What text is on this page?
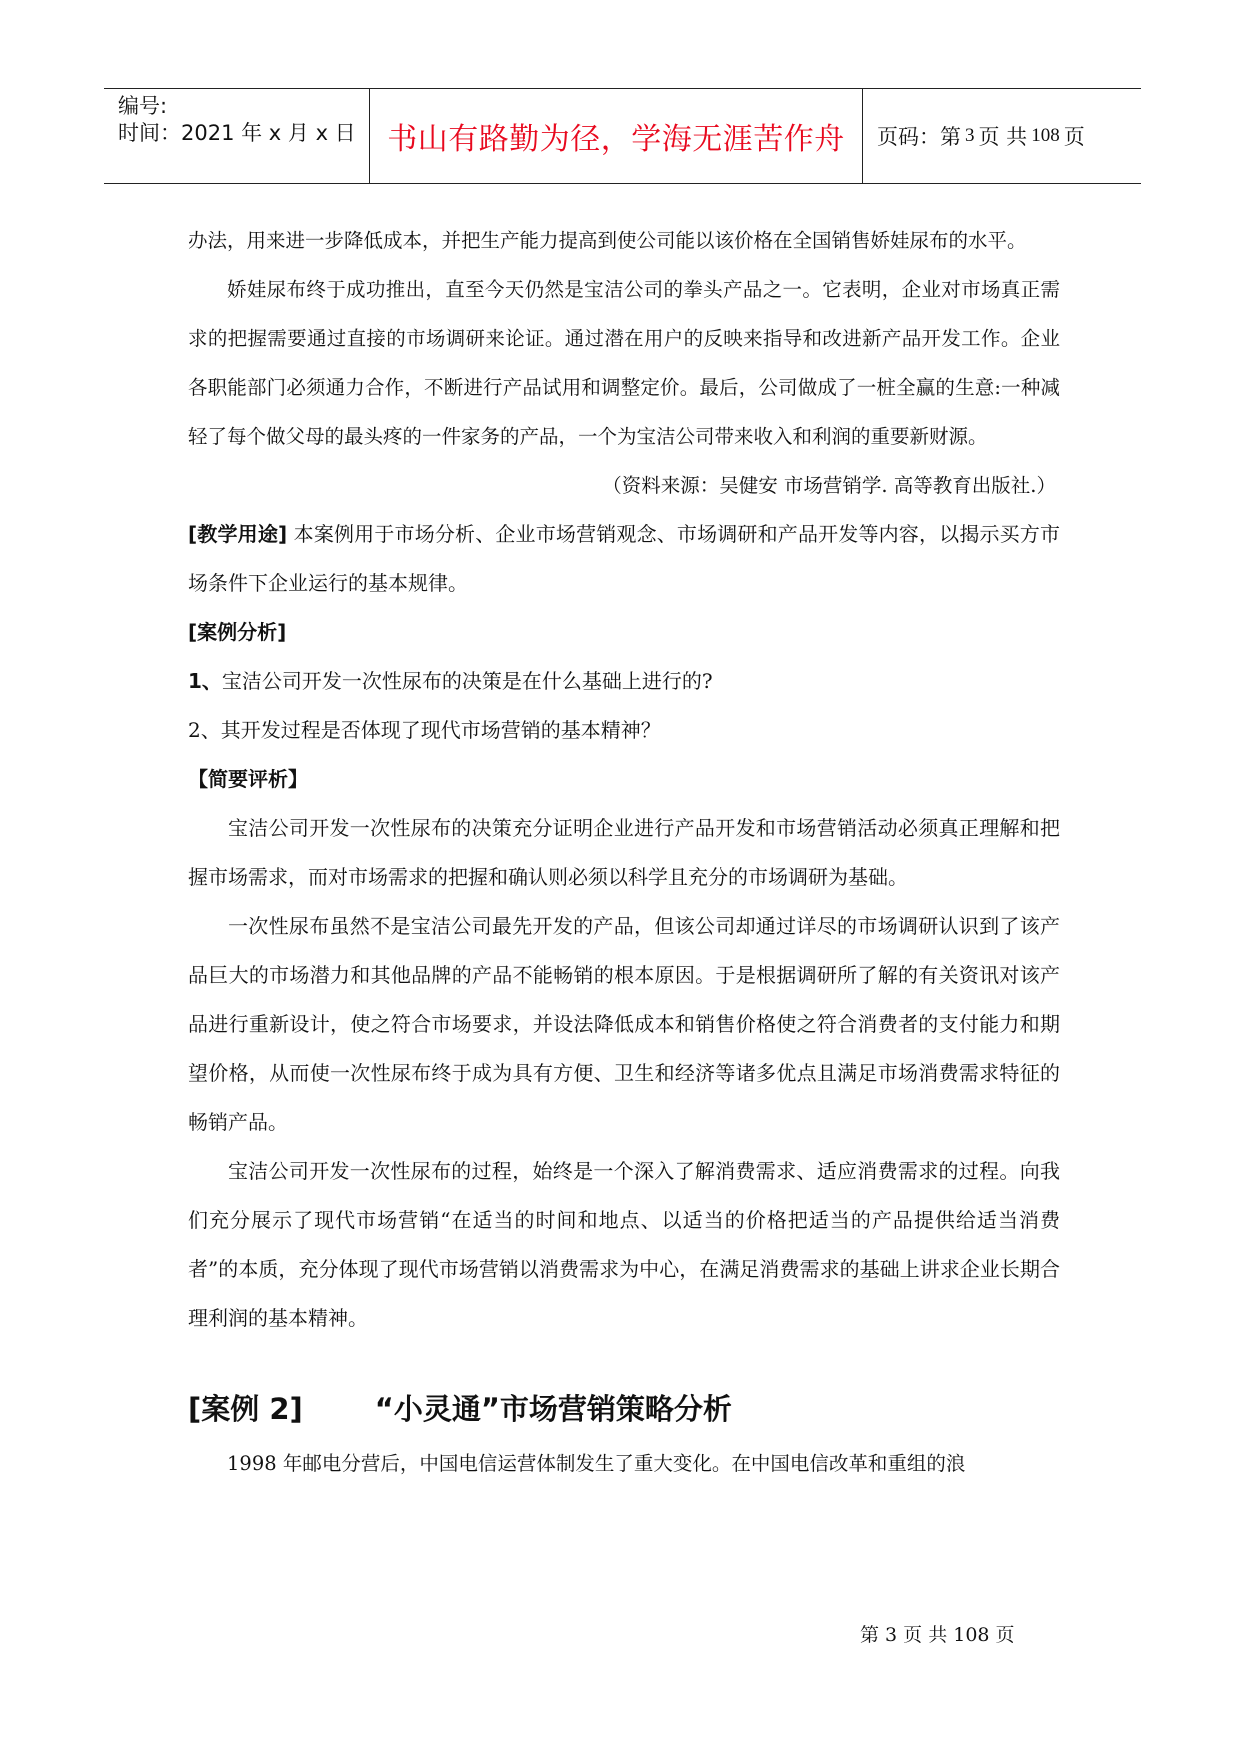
编号:
时间：2021 年 x 月 x 日	书山有路勤为径，学海无涯苦作舟 页码：第 3 页 共 108 页

办法，用来进一步降低成本，并把生产能力提高到使公司能以该价格在全国销售娇娃尿布的水平。

娇娃尿布终于成功推出，直至今天仍然是宝洁公司的拳头产品之一。它表明，企业对市场真正需求的把握需要通过直接的市场调研来论证。通过潜在用户的反映来指导和改进新产品开发工作。企业各职能部门必须通力合作，不断进行产品试用和调整定价。最后，公司做成了一桩全赢的生意:一种减轻了每个做父母的最头疼的一件家务的产品，一个为宝洁公司带来收入和利润的重要新财源。

（资料来源：吴健安 市场营销学. 高等教育出版社.）

[教学用途] 本案例用于市场分析、企业市场营销观念、市场调研和产品开发等内容，以揭示买方市场条件下企业运行的基本规律。

[案例分析]

1、宝洁公司开发一次性尿布的决策是在什么基础上进行的?

2、其开发过程是否体现了现代市场营销的基本精神？

【简要评析】

宝洁公司开发一次性尿布的决策充分证明企业进行产品开发和市场营销活动必须真正理解和把握市场需求，而对市场需求的把握和确认则必须以科学且充分的市场调研为基础。

一次性尿布虽然不是宝洁公司最先开发的产品，但该公司却通过详尽的市场调研认识到了该产品巨大的市场潜力和其他品牌的产品不能畅销的根本原因。于是根据调研所了解的有关资讯对该产品进行重新设计，使之符合市场要求，并设法降低成本和销售价格使之符合消费者的支付能力和期望价格，从而使一次性尿布终于成为具有方便、卫生和经济等诸多优点且满足市场消费需求特征的畅销产品。

宝洁公司开发一次性尿布的过程，始终是一个深入了解消费需求、适应消费需求的过程。向我们充分展示了现代市场营销“在适当的时间和地点、以适当的价格把适当的产品提供给适当消费者”的本质，充分体现了现代市场营销以消费需求为中心，在满足消费需求的基础上讲求企业长期合理利润的基本精神。

[案例 2] “小灵通”市场营销策略分析

1998 年邮电分营后，中国电信运营体制发生了重大变化。在中国电信改革和重组的浪

第 3 页 共 108 页
